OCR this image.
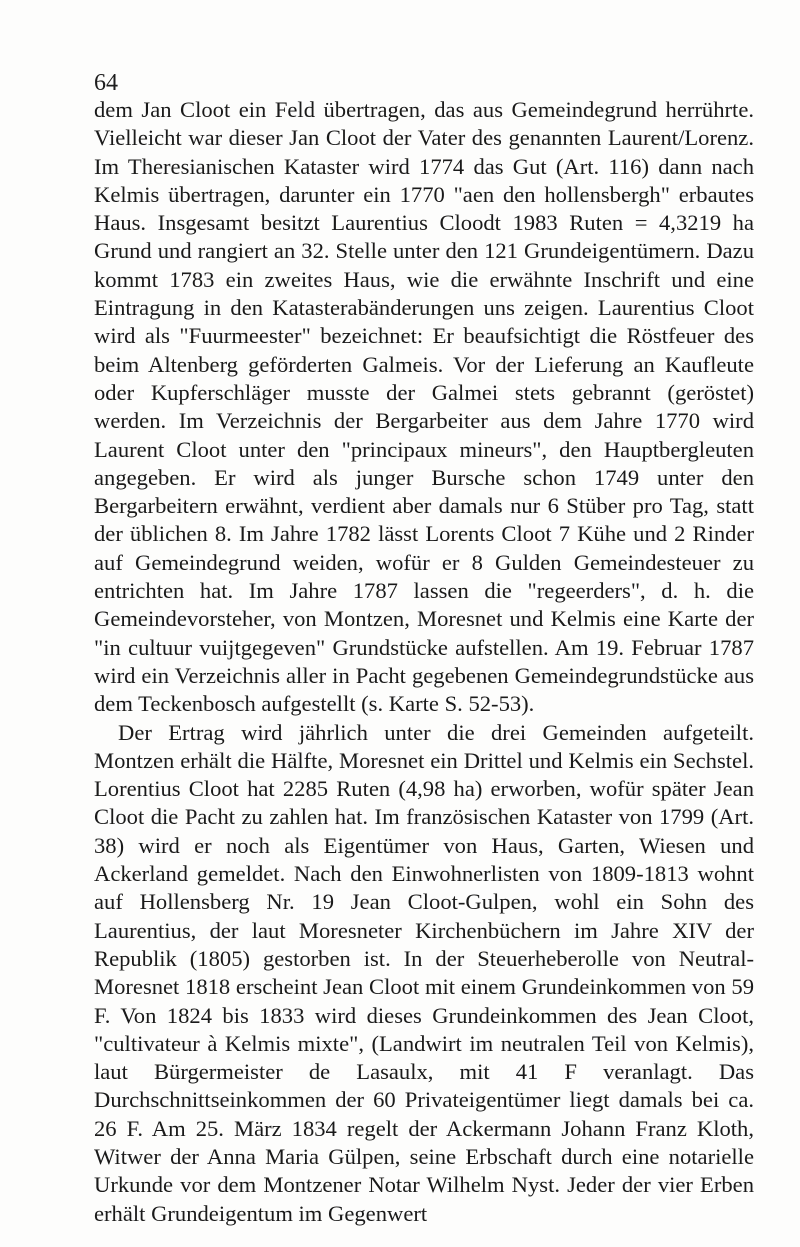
64

dem Jan Cloot ein Feld übertragen, das aus Gemeindegrund herrührte. Vielleicht war dieser Jan Cloot der Vater des genannten Laurent/Lorenz. Im Theresianischen Kataster wird 1774 das Gut (Art. 116) dann nach Kelmis übertragen, darunter ein 1770 "aen den hollensbergh" erbautes Haus. Insgesamt besitzt Laurentius Cloodt 1983 Ruten = 4,3219 ha Grund und rangiert an 32. Stelle unter den 121 Grundeigentümern. Dazu kommt 1783 ein zweites Haus, wie die erwähnte Inschrift und eine Eintragung in den Katasterabänderungen uns zeigen. Laurentius Cloot wird als "Fuurmeester" bezeichnet: Er beaufsichtigt die Röstfeuer des beim Altenberg geförderten Galmeis. Vor der Lieferung an Kaufleute oder Kupferschläger musste der Galmei stets gebrannt (geröstet) werden. Im Verzeichnis der Bergarbeiter aus dem Jahre 1770 wird Laurent Cloot unter den "principaux mineurs", den Hauptbergleuten angegeben. Er wird als junger Bursche schon 1749 unter den Bergarbeitern erwähnt, verdient aber damals nur 6 Stüber pro Tag, statt der üblichen 8. Im Jahre 1782 lässt Lorents Cloot 7 Kühe und 2 Rinder auf Gemeindegrund weiden, wofür er 8 Gulden Gemeindesteuer zu entrichten hat. Im Jahre 1787 lassen die "regeerders", d. h. die Gemeindevorsteher, von Montzen, Moresnet und Kelmis eine Karte der "in cultuur vuijtgegeven" Grundstücke aufstellen. Am 19. Februar 1787 wird ein Verzeichnis aller in Pacht gegebenen Gemeindegrundstücke aus dem Teckenbosch aufgestellt (s. Karte S. 52-53).

Der Ertrag wird jährlich unter die drei Gemeinden aufgeteilt. Montzen erhält die Hälfte, Moresnet ein Drittel und Kelmis ein Sechstel. Lorentius Cloot hat 2285 Ruten (4,98 ha) erworben, wofür später Jean Cloot die Pacht zu zahlen hat. Im französischen Kataster von 1799 (Art. 38) wird er noch als Eigentümer von Haus, Garten, Wiesen und Ackerland gemeldet. Nach den Einwohnerlisten von 1809-1813 wohnt auf Hollensberg Nr. 19 Jean Cloot-Gulpen, wohl ein Sohn des Laurentius, der laut Moresneter Kirchenbüchern im Jahre XIV der Republik (1805) gestorben ist. In der Steuerheberolle von Neutral-Moresnet 1818 erscheint Jean Cloot mit einem Grundeinkommen von 59 F. Von 1824 bis 1833 wird dieses Grundeinkommen des Jean Cloot, "cultivateur à Kelmis mixte", (Landwirt im neutralen Teil von Kelmis), laut Bürgermeister de Lasaulx, mit 41 F veranlagt. Das Durchschnittseinkommen der 60 Privateigentümer liegt damals bei ca. 26 F. Am 25. März 1834 regelt der Ackermann Johann Franz Kloth, Witwer der Anna Maria Gülpen, seine Erbschaft durch eine notarielle Urkunde vor dem Montzener Notar Wilhelm Nyst. Jeder der vier Erben erhält Grundeigentum im Gegenwert
